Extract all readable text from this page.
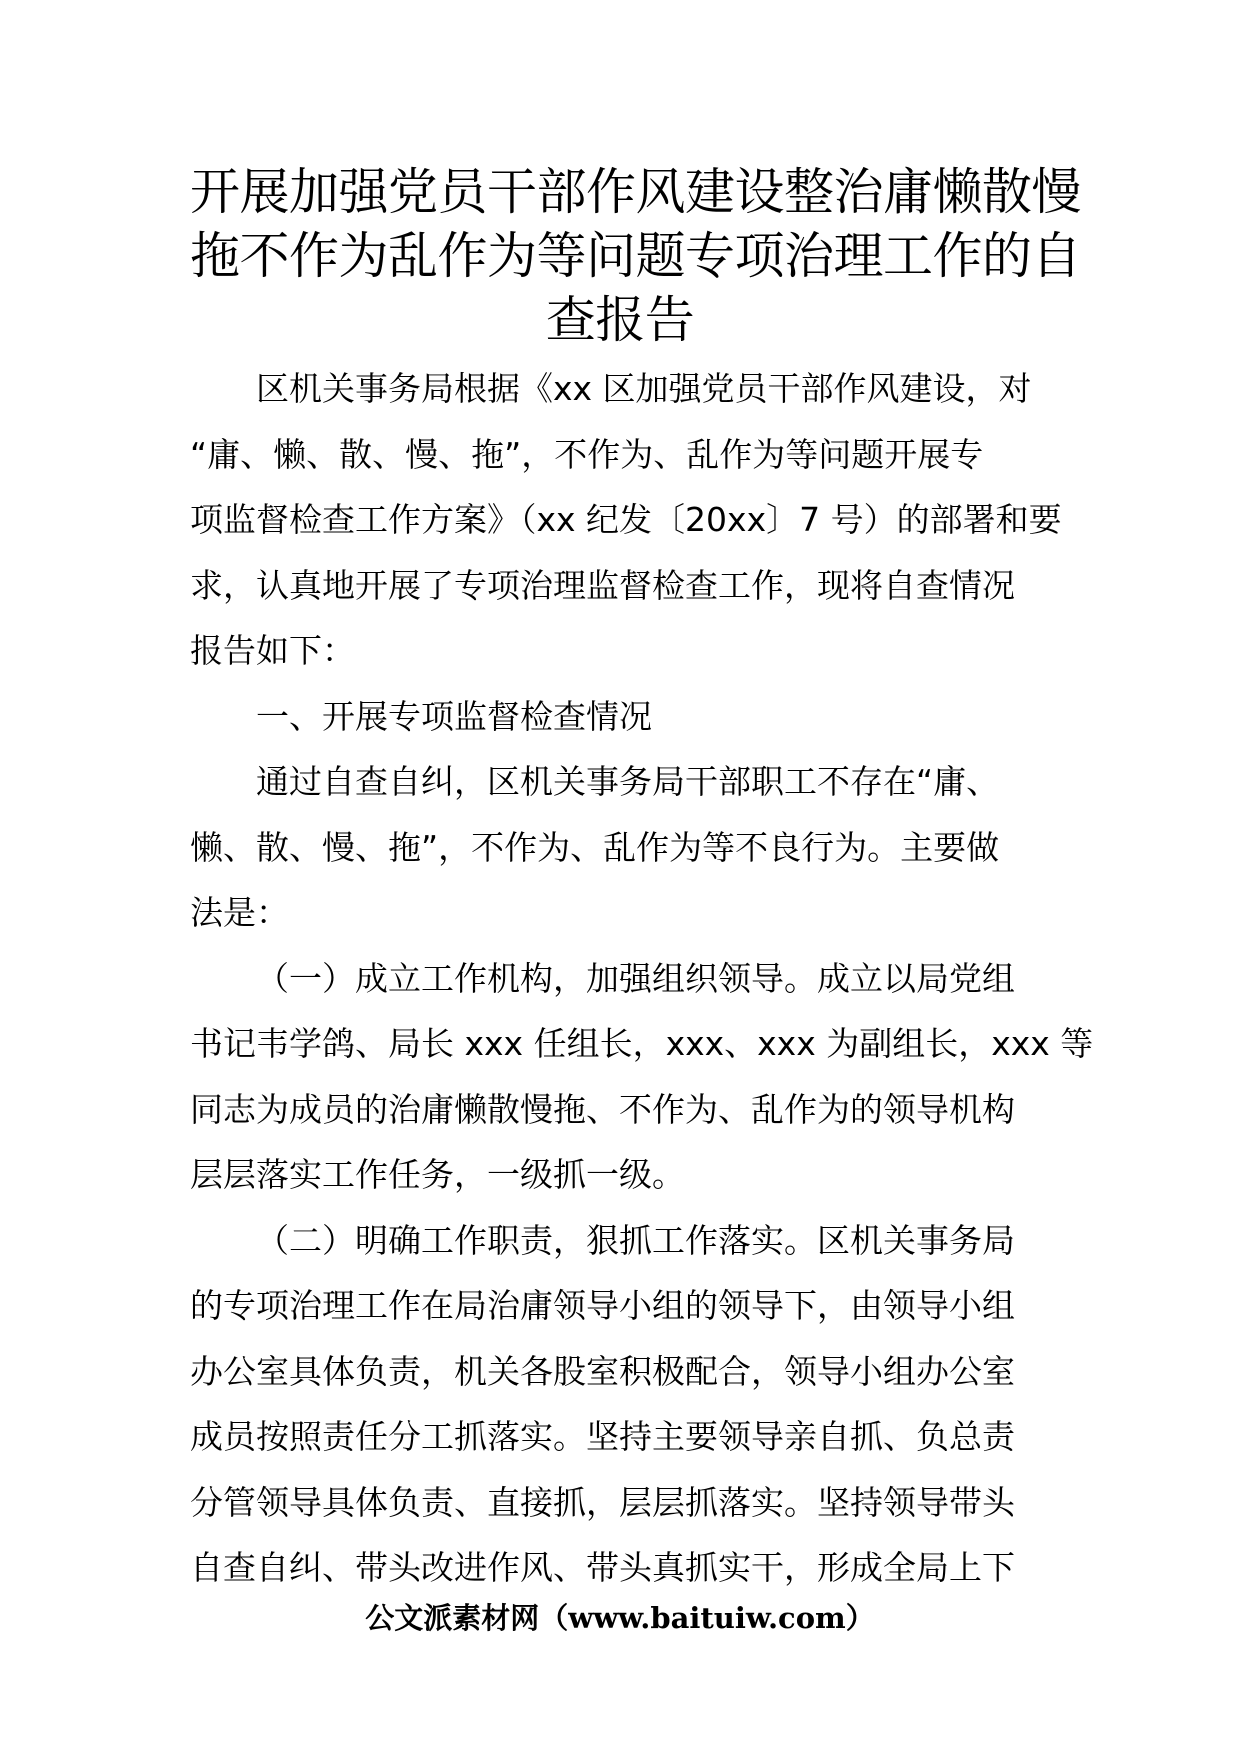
开展加强党员干部作风建设整治庸懒散慢
拖不作为乱作为等问题专项治理工作的自
查报告
区机关事务局根据《xx 区加强党员干部作风建设，对
“庸、懒、散、慢、拖”，不作为、乱作为等问题开展专
项监督检查工作方案》（xx 纪发〔20xx〕7 号）的部署和要
求，认真地开展了专项治理监督检查工作，现将自查情况
报告如下：
一、开展专项监督检查情况
通过自查自纠，区机关事务局干部职工不存在“庸、
懒、散、慢、拖”，不作为、乱作为等不良行为。主要做
法是：
（一）成立工作机构，加强组织领导。成立以局党组
书记韦学鸽、局长 xxx 任组长，xxx、xxx 为副组长，xxx 等
同志为成员的治庸懒散慢拖、不作为、乱作为的领导机构
层层落实工作任务，一级抓一级。
（二）明确工作职责，狠抓工作落实。区机关事务局
的专项治理工作在局治庸领导小组的领导下，由领导小组
办公室具体负责，机关各股室积极配合，领导小组办公室
成员按照责任分工抓落实。坚持主要领导亲自抓、负总责
分管领导具体负责、直接抓，层层抓落实。坚持领导带头
自查自纠、带头改进作风、带头真抓实干，形成全局上下
公文派素材网（www.baituiw.com）
